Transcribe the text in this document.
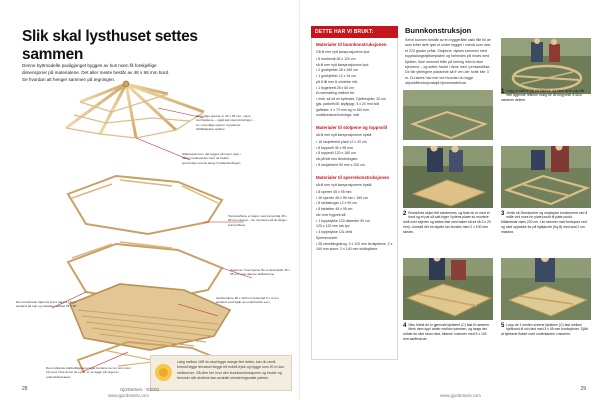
Slik skal lysthuset settes sammen
Denne byttmodelle pavilgjonget bygges av hus noen få forskjellige dimensjoner på materialene. Det aller meste består av 48 x 98 mm bord. Se hvordan alt henger sammen på tegningen.
Utvendige sperrer er 45 x 95 mm, mens tverrbjelkene – også kalt sperrebindinger – er i utvendige sperrer og lektene stiftbiltelpane spikres
Stikkesperrene i det legges på topp i topp i dårlig merkesteden hvor de holder sperren/gn ned de lange til takkebindingen.
Toppsveiffene er lagret med innvendig 45 x 95 mm sperrer – de monteres på de lange i bunnsvillene.
Stolpene i hver hjørne får et skiveskifte 45 x 95 mm som danner skråstiverne.
Den trekantede hjørnets kryss legges på en avstand på opp og utelukker dobbel 45 x 95.
Gulvbordene 28 x 120 mm festenad 3 x 4 mm avstand med hjølp av underbordet som.
Den midterste dobbeltbjelkene laget bordene ser en som-men (4) med. Hvis du lar de og ta, er en ligger på vegene i undersiden/cases.
Løsg mellom 16R du skal legge mange fine detter, kan du unnå forhold legge terrassel begge eit enkelt trykk og bygge som 20 m duo mellomrom. Så dine her hvor den bunnkonstruksjonen og bruker og fremmer alle stoltene kan avslutte orienteringsmate palmer.
28	GjorDetSelv · 9/2003
www.gjordetselv.com
DETTE HAR VI BRUKT:
Materialer til bunnkonstruksjonen
Gå til mer nytt kørsprosjonens lyst:
• 8 kantmodt 28 x 120 cm
så til mer nytt kørsprosjonens lyst:
• 2 gulvbjelker 28 x 260 cm
• 1 gulvbjelker 12 x 34 cm
på å till mer å orndetre inå:
• 1 bygebrett 25 x 60 cm
til overnatting mellom tre:
• innk. så nå en byttmats, Gjelbesjeler, 20 cm gjls. parkett/45, tøyåppgr. 3 x 20 mm bolt gafteker, 4 x 70 mm og m 160 mm sudbliveskue/holminge, krår
Materialer til stolpene og toppsvill
så til mer nytt kørsprosjonene bystå:
• 16 stolpebeint plant 12 x 20 cm
• 8 toppsvill 45 x 95 mm
• 8 toppsvill 120 x 160 cm
så på tidt mer åmdrsingsm:
• 8 stolpebeint 95 mm x 200 cm
Materialer til sperrekonstruksjonen
så til mer nytt kørsprosjonene bystå:
• 8 sperrer 45 x 95 mm
• 16 sperrer 45 x 95 mm / 160 cm
• 8 skråstiviger 12 x 90 cm
• 8 taklekter 45 x 95 cm
så i mer bygveit så:
• 1 toppstykke 120 diameter 90 cm
120 x 120 mm tak lys:
• 4 toppstykke 10L drist
Sperremodell:
• 28 utmeklingskrog, 3 x 120 mm lerdspikene, 2 x 160 mm skrue, 2 x 140 mm skråspikere
Bunnkonstruksjon
Selve bunnen bestlår av en tryggeråfte uslik fille till de sam krfter dele lyse ut under bygget i noenå som over et 223 grader pråst. Stolpene, dyktes sammen med toppbalangsbjelkerplater/ og forbindes på innvis med bjelken. Ikke nemmet fråte på herinig infoi la dine bjerrerne – og setter, fastet i dene med i pressestikke. De blir ytterligere plassrede så fr ven der hofte bler 3 m. Du køres hav mer om hvordan du legge uttyrskiftfunksjonstajå hjemmeadet/var.
1 Legg ut rullene (A) på flakkes, og klem dem opp slik ette liggende rektiom mulig for de begynner å skru sammen delene.
2 Bruns/tves skjert tett sammenes, og flate du er med et bord og et par så satt inger i lydens plater so montere midt over skjertrn og settes fast med baker så sa så 3 x 20 mm). Unnskå det mi skjotte ser bundes med 2 x 100 mm skrues.
3 Jevkk så 2bnskontrer og ompbyder konstrumert ved å måle ved noes for plate punkt til plate punkt. Målsetshal vises 220 cm. Lim rammer med bedspors ved og med oppsikke for på hjølpkorte (frq å) med skal 2 cm imstand.
4 Skru bitest de to gjennale bjelkene (C) fast til rammen. Merk dem opp! ander mellom sammen, og langs det rnflote du slire skorn fast, bildene i rammer med 9 x 100 mm sørffeskrue.
5 Lepp de 1 nesten svinrne bjelkene (C) fast mellom bjelkonst til och fast med 3 x 45 mm bordspikner. Gjåd at bjelkene flukter med underkanten i rammen.
www.gjordetselv.com
29
